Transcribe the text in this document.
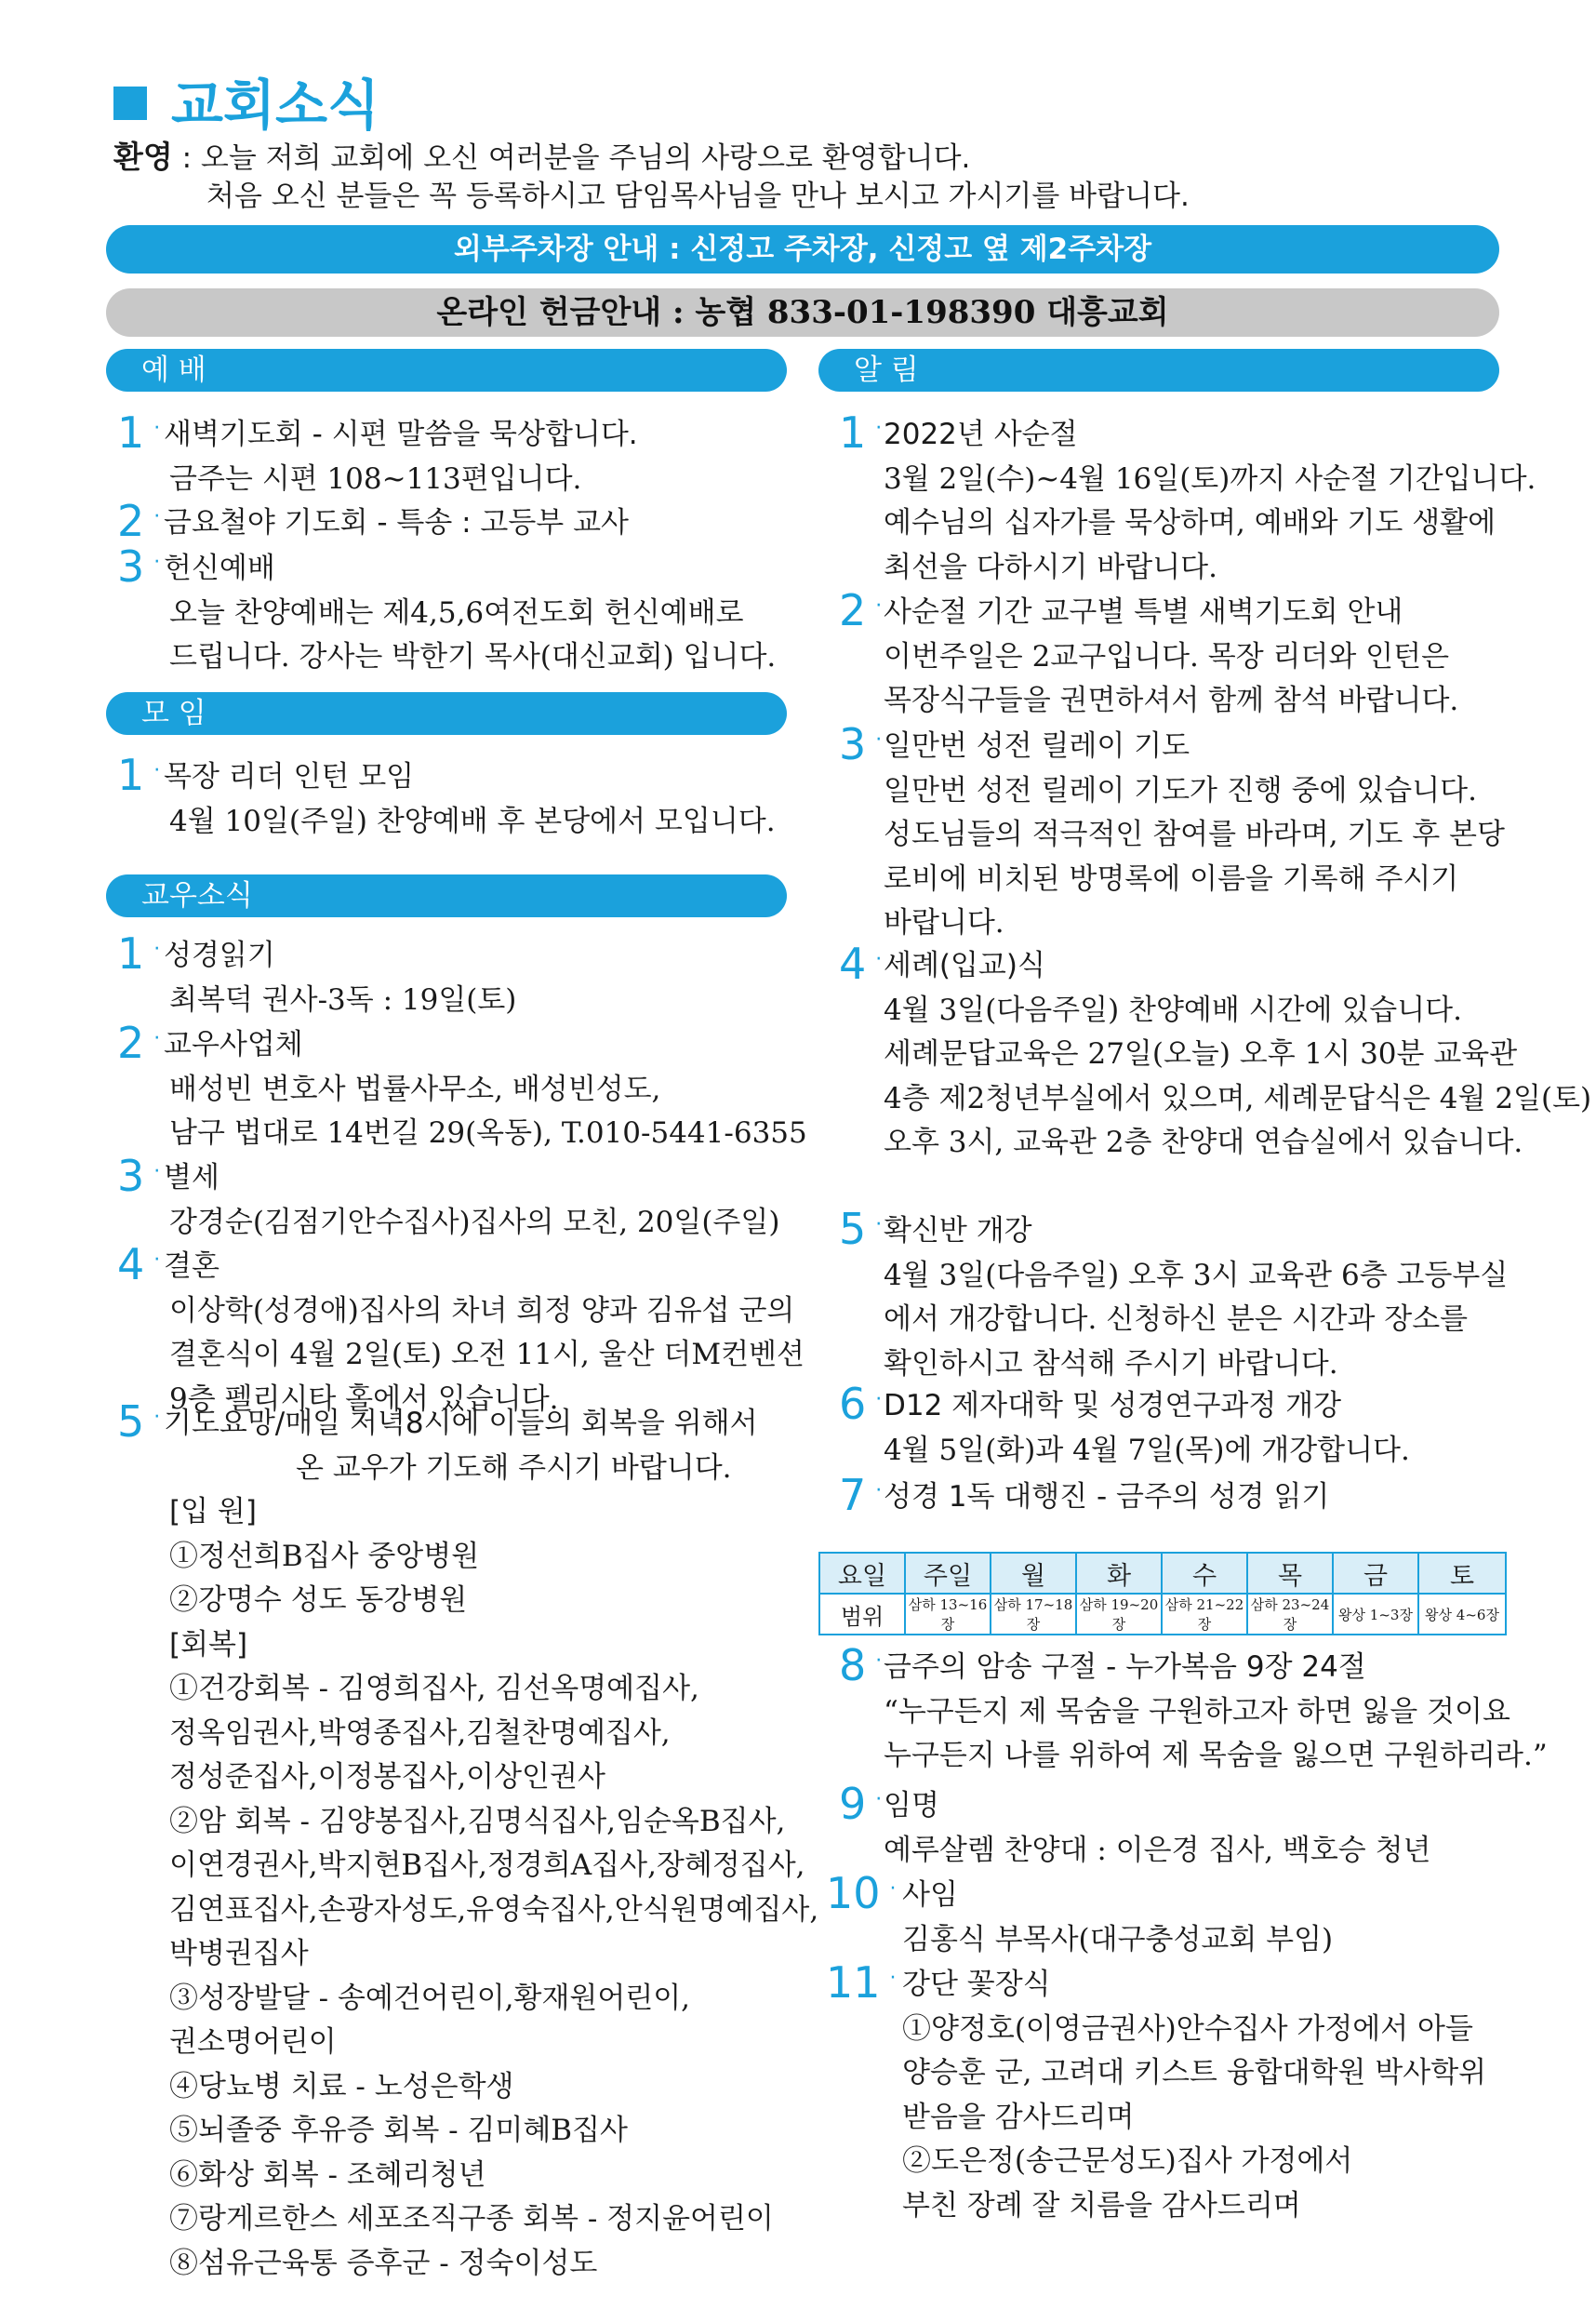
교회소식
환영 : 오늘 저희 교회에 오신 여러분을 주님의 사랑으로 환영합니다.
처음 오신 분들은 꼭 등록하시고 담임목사님을 만나 보시고 가시기를 바랍니다.
외부주차장 안내 : 신정고 주차장, 신정고 옆 제2주차장
온라인 헌금안내 : 농협 833-01-198390 대흥교회
예 배	알 림
모 임
교우소식
요일	주일	월	화	수	목	금	토
범위	삼하 13~16장	삼하 17~18장	삼하 19~20장	삼하 21~22장	삼하 23~24장	왕상 1~3장	왕상 4~6장
1 · 새벽기도회 - 시편 말씀을 묵상합니다.
금주는 시편 108~113편입니다.
2 · 금요철야 기도회 - 특송 : 고등부 교사
3 · 헌신예배
오늘 찬양예배는 제4,5,6여전도회 헌신예배로
드립니다. 강사는 박한기 목사(대신교회) 입니다.
1 · 목장 리더 인턴 모임
4월 10일(주일) 찬양예배 후 본당에서 모입니다.
1 · 성경읽기
최복덕 권사-3독 : 19일(토)
2 · 교우사업체
배성빈 변호사 법률사무소, 배성빈성도,
남구 법대로 14번길 29(옥동), T.010-5441-6355
3 · 별세
강경순(김점기안수집사)집사의 모친, 20일(주일)
4 · 결혼
이상학(성경애)집사의 차녀 희정 양과 김유섭 군의
결혼식이 4월 2일(토) 오전 11시, 울산 더M컨벤션
9층 펠리시타 홀에서 있습니다.
5 · 기도요망/매일 저녁8시에 이들의 회복을 위해서
온 교우가 기도해 주시기 바랍니다.
[입 원]
①정선희B집사 중앙병원
②강명수 성도 동강병원
[회복]
①건강회복 - 김영희집사, 김선옥명예집사,
정옥임권사,박영종집사,김철찬명예집사,
정성준집사,이정봉집사,이상인권사
②암 회복 - 김양봉집사,김명식집사,임순옥B집사,
이연경권사,박지현B집사,정경희A집사,장혜정집사,
김연표집사,손광자성도,유영숙집사,안식원명예집사,
박병권집사
③성장발달 - 송예건어린이,황재원어린이,
권소명어린이
④당뇨병 치료 - 노성은학생
⑤뇌졸중 후유증 회복 - 김미혜B집사
⑥화상 회복 - 조혜리청년
⑦랑게르한스 세포조직구종 회복 - 정지윤어린이
⑧섬유근육통 증후군 - 정숙이성도
1 · 2022년 사순절
3월 2일(수)~4월 16일(토)까지 사순절 기간입니다.
예수님의 십자가를 묵상하며, 예배와 기도 생활에
최선을 다하시기 바랍니다.
2 · 사순절 기간 교구별 특별 새벽기도회 안내
이번주일은 2교구입니다. 목장 리더와 인턴은
목장식구들을 권면하셔서 함께 참석 바랍니다.
3 · 일만번 성전 릴레이 기도
일만번 성전 릴레이 기도가 진행 중에 있습니다.
성도님들의 적극적인 참여를 바라며, 기도 후 본당
로비에 비치된 방명록에 이름을 기록해 주시기
바랍니다.
4 · 세례(입교)식
4월 3일(다음주일) 찬양예배 시간에 있습니다.
세례문답교육은 27일(오늘) 오후 1시 30분 교육관
4층 제2청년부실에서 있으며, 세례문답식은 4월 2일(토)
오후 3시, 교육관 2층 찬양대 연습실에서 있습니다.
5 · 확신반 개강
4월 3일(다음주일) 오후 3시 교육관 6층 고등부실
에서 개강합니다. 신청하신 분은 시간과 장소를
확인하시고 참석해 주시기 바랍니다.
6 · D12 제자대학 및 성경연구과정 개강
4월 5일(화)과 4월 7일(목)에 개강합니다.
7 · 성경 1독 대행진 - 금주의 성경 읽기
8 · 금주의 암송 구절 - 누가복음 9장 24절
“누구든지 제 목숨을 구원하고자 하면 잃을 것이요
누구든지 나를 위하여 제 목숨을 잃으면 구원하리라.”
9 · 임명
예루살렘 찬양대 : 이은경 집사, 백호승 청년
10 · 사임
김홍식 부목사(대구충성교회 부임)
11 · 강단 꽃장식
①양정호(이영금권사)안수집사 가정에서 아들
양승훈 군, 고려대 키스트 융합대학원 박사학위
받음을 감사드리며
②도은정(송근문성도)집사 가정에서
부친 장례 잘 치름을 감사드리며
